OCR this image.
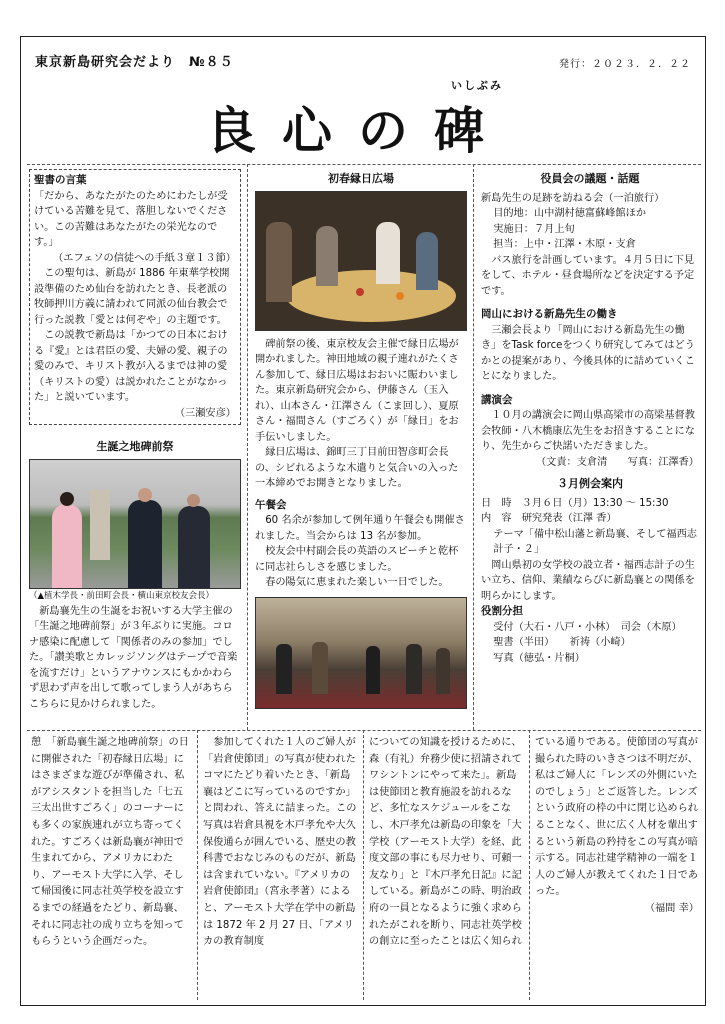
東京新島研究会だより　№８５	発行：２０２３．２．２２
いしぶみ
良心の碑
聖書の言葉

「だから、あなたがたのためにわたしが受けている苦難を見て、落胆しないでください。この苦難はあなたがたの栄光なのです。」

（エフェソの信徒への手紙３章１３節）

この聖句は、新島が 1886 年東華学校開設準備のため仙台を訪れたとき、長老派の牧師押川方義に請われて同派の仙台教会で行った説教「愛とは何ぞや」の主題です。

この説教で新島は「かつての日本における『愛』とは君臣の愛、夫婦の愛、親子の愛のみで、キリスト教が入るまでは神の愛（キリストの愛）は説かれたことがなかった」と説いています。

（三瀬安彦）

生誕之地碑前祭
（▲植木学長・前田町会長・横山東京校友会長）

新島襄先生の生誕をお祝いする大学主催の「生誕之地碑前祭」が３年ぶりに実施。コロナ感染に配慮して「関係者のみの参加」でした。「讃美歌とカレッジソングはテープで音楽を流すだけ」というアナウンスにもかかわらず思わず声を出して歌ってしまう人があちらこちらに見かけられました。

初春縁日広場

碑前祭の後、東京校友会主催で縁日広場が開かれました。神田地域の親子連れがたくさん参加して、縁日広場はおおいに賑わいました。東京新島研究会から、伊藤さん（玉入れ）、山本さん・江澤さん（こま回し）、夏原さん・福間さん（すごろく）が「縁日」をお手伝いしました。

縁日広場は、錦町三丁目前田智彦町会長の、シビれるような木遣りと気合いの入った一本締めでお開きとなりました。

午餐会

60 名余が参加して例年通り午餐会も開催されました。当会からは 13 名が参加。

校友会中村副会長の英語のスピーチと乾杯に同志社らしさを感じました。

春の陽気に恵まれた楽しい一日でした。

役員会の議題・話題

新島先生の足跡を訪ねる会（一泊旅行）

目的地：山中湖村徳富蘇峰館ほか

実施日：７月上旬

担当：上中・江澤・木原・支倉

バス旅行を計画しています。４月５日に下見をして、ホテル・昼食場所などを決定する予定です。

岡山における新島先生の働き

三瀬会長より「岡山における新島先生の働き」をTask forceをつくり研究してみてはどうかとの提案があり、今後具体的に詰めていくことになりました。

講演会

１０月の講演会に岡山県高梁市の高梁基督教会牧師・八木橋康広先生をお招きすることになり、先生からご快諾いただきました。

（文責：支倉清　　写真：江澤香）

３月例会案内

日　時　３月６日（月）13:30 ～ 15:30

内　容　研究発表（江澤 香）

テーマ「備中松山藩と新島襄、そして福西志計子・２」

岡山県初の女学校の設立者・福西志計子の生い立ち、信仰、業績ならびに新島襄との関係を明らかにします。

役割分担

受付（大石・八戸・小林）　司会（木原）

聖書（半田）　　祈祷（小崎）

写真（徳弘・片桐）

憩　「新島襄生誕之地碑前祭」の日に開催された「初春縁日広場」にはさまざまな遊びが準備され、私がアシスタントを担当した「七五三太出世すごろく」のコーナーにも多くの家族連れが立ち寄ってくれた。すごろくは新島襄が神田で生まれてから、アメリカにわたり、アーモスト大学に入学、そして帰国後に同志社英学校を設立するまでの経過をたどり、新島襄、それに同志社の成り立ちを知ってもらうという企画だった。

参加してくれた１人のご婦人が「岩倉使節団」の写真が使われたコマにたどり着いたとき、「新島襄はどこに写っているのですか」と問われ、答えに詰まった。この写真は岩倉具視を木戸孝允や大久保俊通らが囲んでいる、歴史の教科書でおなじみのものだが、新島は含まれていない。『アメリカの岩倉使節団』（宮永孝著）によると、アーモスト大学在学中の新島は 1872 年 2 月 27 日、「アメリカの教育制度

についての知識を授けるために、森（有礼）弁務少使に招請されてワシントンにやって来た」。新島は使節団と教育施設を訪れるなど、多忙なスケジュールをこなし、木戸孝允は新島の印象を「大学校（アーモスト大学）を経、此度文部の事にも尽力せり、可頼一友なり」と『木戸孝允日記』に記している。新島がこの時、明治政府の一員となるように強く求められたがこれを断り、同志社英学校の創立に至ったことは広く知られ

ている通りである。使節団の写真が撮られた時のいきさつは不明だが、私はご婦人に「レンズの外側にいたのでしょう」とご返答した。レンズという政府の枠の中に閉じ込められることなく、世に広く人材を輩出するという新島の矜持をこの写真が暗示する。同志社建学精神の一端を１人のご婦人が教えてくれた１日であった。

（福間 幸）
